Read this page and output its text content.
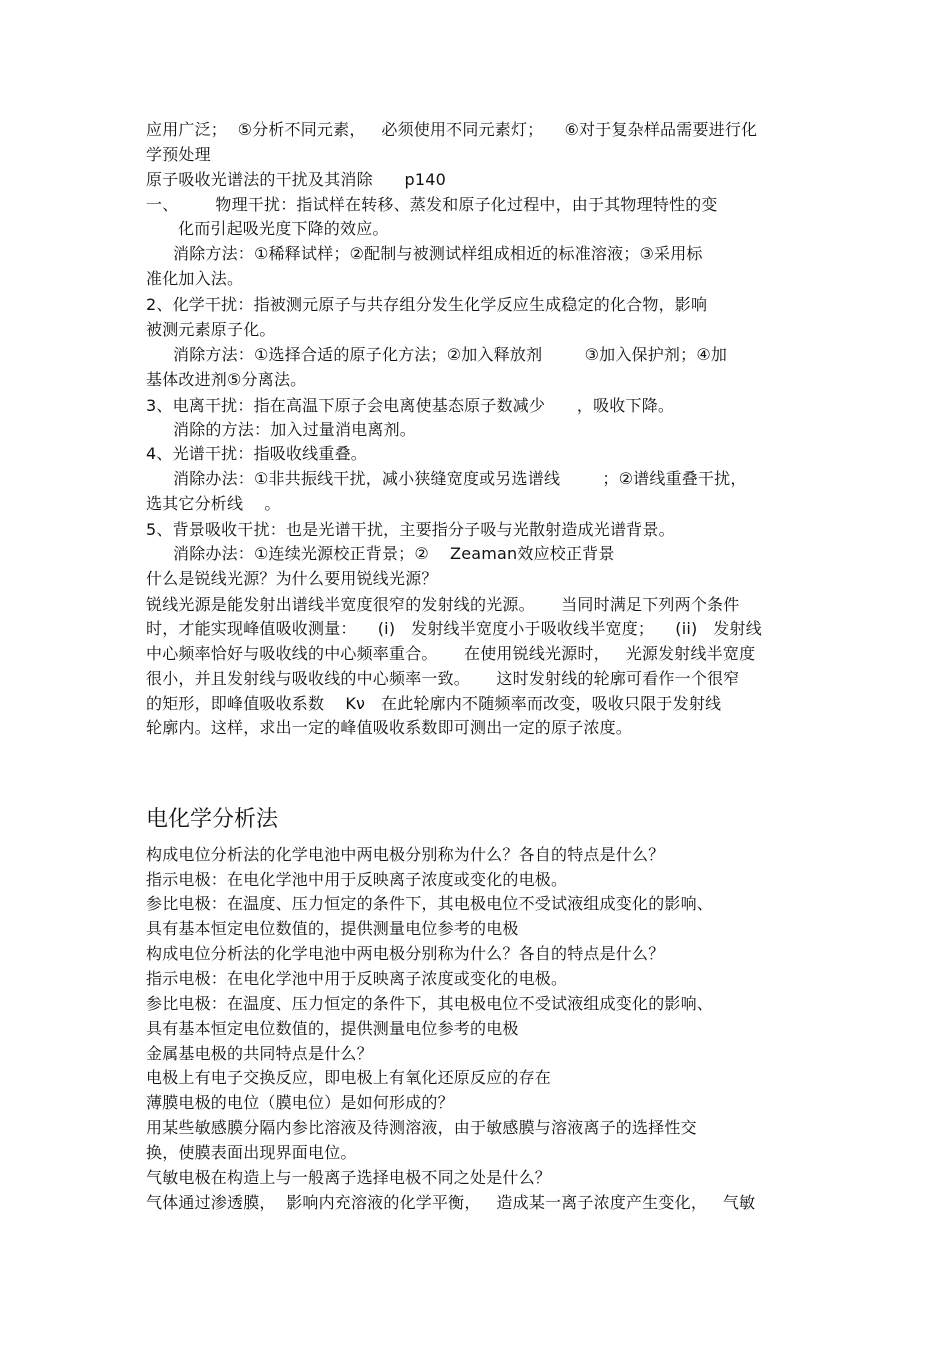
应用广泛；  ⑤分析不同元素，   必须使用不同元素灯；    ⑥对于复杂样品需要进行化
学预处理
原子吸收光谱法的干扰及其消除      p140
一、       物理干扰：指试样在转移、蒸发和原子化过程中，由于其物理特性的变
化而引起吸光度下降的效应。
消除方法：①稀释试样；②配制与被测试样组成相近的标准溶液；③采用标
准化加入法。
2、化学干扰：指被测元原子与共存组分发生化学反应生成稳定的化合物，影响
被测元素原子化。
消除方法：①选择合适的原子化方法；②加入释放剂        ③加入保护剂；④加
基体改进剂⑤分离法。
3、电离干扰：指在高温下原子会电离使基态原子数减少      ，吸收下降。
消除的方法：加入过量消电离剂。
4、光谱干扰：指吸收线重叠。
消除办法：①非共振线干扰，减小狭缝宽度或另选谱线        ；②谱线重叠干扰，
选其它分析线    。
5、背景吸收干扰：也是光谱干扰，主要指分子吸与光散射造成光谱背景。
消除办法：①连续光源校正背景；②    Zeaman效应校正背景
什么是锐线光源？为什么要用锐线光源？
锐线光源是能发射出谱线半宽度很窄的发射线的光源。     当同时满足下列两个条件
时，才能实现峰值吸收测量：    (i)   发射线半宽度小于吸收线半宽度；    (ii)   发射线
中心频率恰好与吸收线的中心频率重合。     在使用锐线光源时，   光源发射线半宽度
很小，并且发射线与吸收线的中心频率一致。     这时发射线的轮廓可看作一个很窄
的矩形，即峰值吸收系数    Kν   在此轮廓内不随频率而改变，吸收只限于发射线
轮廓内。这样，求出一定的峰值吸收系数即可测出一定的原子浓度。
电化学分析法
构成电位分析法的化学电池中两电极分别称为什么？各自的特点是什么？
指示电极：在电化学池中用于反映离子浓度或变化的电极。
参比电极：在温度、压力恒定的条件下，其电极电位不受试液组成变化的影响、
具有基本恒定电位数值的，提供测量电位参考的电极
构成电位分析法的化学电池中两电极分别称为什么？各自的特点是什么？
指示电极：在电化学池中用于反映离子浓度或变化的电极。
参比电极：在温度、压力恒定的条件下，其电极电位不受试液组成变化的影响、
具有基本恒定电位数值的，提供测量电位参考的电极
金属基电极的共同特点是什么？
电极上有电子交换反应，即电极上有氧化还原反应的存在
薄膜电极的电位（膜电位）是如何形成的？
用某些敏感膜分隔内参比溶液及待测溶液，由于敏感膜与溶液离子的选择性交
换，使膜表面出现界面电位。
气敏电极在构造上与一般离子选择电极不同之处是什么？
气体通过渗透膜，  影响内充溶液的化学平衡，   造成某一离子浓度产生变化，   气敏
